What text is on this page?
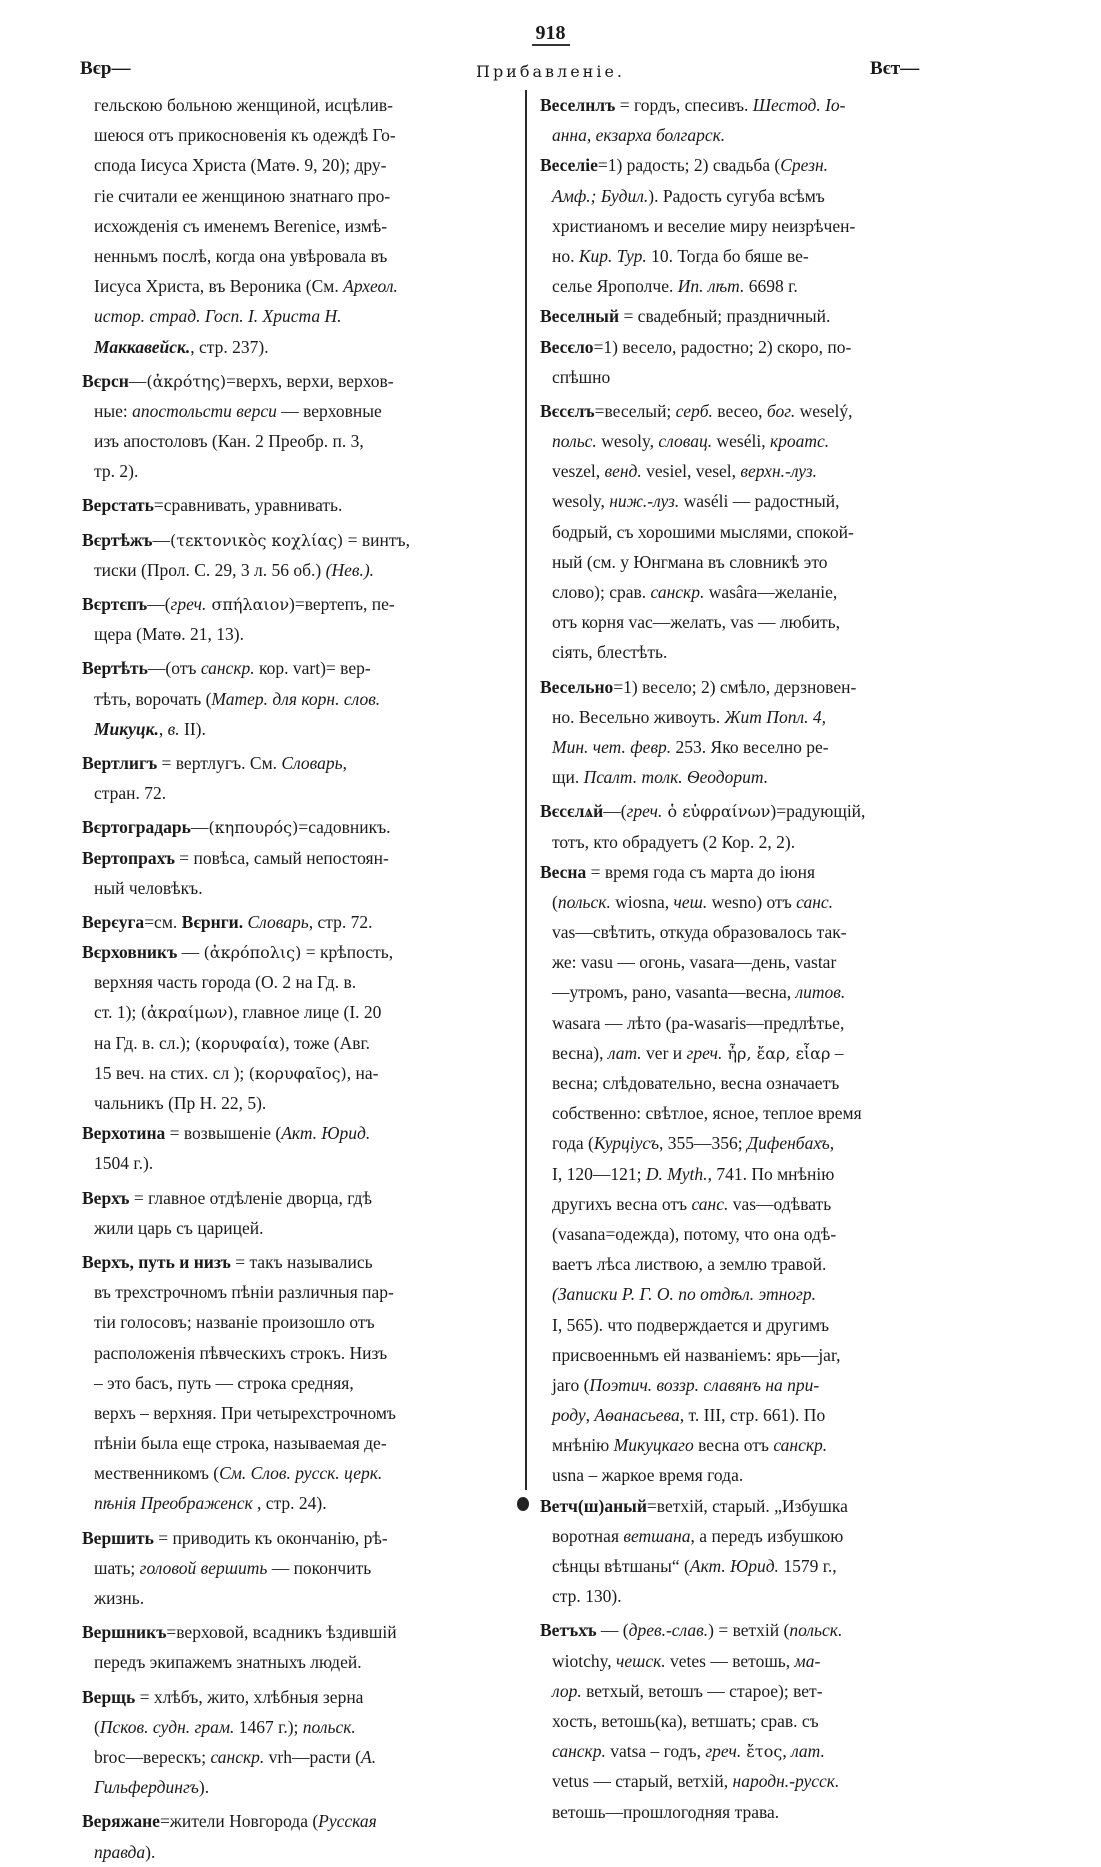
918
Вєр—	Прибавленіе.	Вєт—
гельскою больною женщиной, исцѣлив-
шеюся отъ прикосновенія къ одеждѣ Го-
спода Іисуса Христа (Матѳ. 9, 20); дру-
гіе считали ее женщиною знатнаго про-
исхожденія съ именемъ Berenice, измѣ-
ненньмъ послѣ, когда она увѣровала въ
Іисуса Христа, въ Вероника (См. Археол.
истор. страд. Госп. І. Христа Н.
Маккавейск., стр. 237).
Вєрсн—(ἀκρότης)=верхъ, верхи, верхов-
ные: апостольсти верси — верховные
изъ апостоловъ (Кан. 2 Преобр. п. 3,
тр. 2).
Верстать=сравнивать, уравнивать.
Вєртѣжъ—(τεκτονικὸς κοχλίας) = винтъ,
тиски (Прол. С. 29, 3 л. 56 об.) (Нев.).
Вєртєпъ—(греч. σπήλαιον)=вертепъ, пе-
щера (Матѳ. 21, 13).
Вертѣть—(отъ санскр. кор. vart)= вер-
тѣть, ворочать (Матер. для корн. слов.
Микуцк., в. II).
Вертлигъ = вертлугъ. См. Словарь,
стран. 72.
Вєртоградарь—(κηπουρός)=садовникъ.
Вертопрахъ = повѣса, самый непостоян-
ный человѣкъ.
Верєуга=см. Вєрнги. Словарь, стр. 72.
Вєрховникъ — (ἀκρόπολις) = крѣпость,
верхняя часть города (О. 2 на Гд. в.
ст. 1); (ἀκραίμων), главное лице (І. 20
на Гд. в. сл.); (κορυφαία), тоже (Авг.
15 веч. на стих. сл ); (κορυφαῖος), на-
чальникъ (Пр Н. 22, 5).
Верхотина = возвышеніе (Акт. Юрид.
1504 г.).
Верхъ = главное отдѣленіе дворца, гдѣ
жили царь съ царицей.
Верхъ, путь и низъ = такъ назывались
въ трехстрочномъ пѣніи различныя пар-
тіи голосовъ; названіе произошло отъ
расположенія пѣвческихъ строкъ. Низъ
– это басъ, путь — строка средняя,
верхъ – верхняя. При четырехстрочномъ
пѣніи была еще строка, называемая де-
мественникомъ (См. Слов. русск. церк.
пѣнія Преображенск , стр. 24).
Вершить = приводить къ окончанію, рѣ-
шать; головой вершить — покончить
жизнь.
Вершникъ=верховой, всадникъ ѣздившій
передъ экипажемъ знатныхъ людей.
Верщь = хлѣбъ, жито, хлѣбныя зерна
(Псков. судн. грам. 1467 г.); польск.
brос—верескъ; санскр. vrh—расти (А.
Гильфердингъ).
Веряжане=жители Новгорода (Русская
правда).
Веселнлъ = гордъ, спесивъ. Шестод. Іо-
анна, екзарха болгарск.
Веселіе=1) радость; 2) свадьба (Срезн.
Амф.; Будил.). Радость сугуба всѣмъ
христианомъ и веселие миру неизрѣчен-
но. Кир. Тур. 10. Тогда бо бяше ве-
селье Ярополче. Ип. лѣт. 6698 г.
Веселный = свадебный; праздничный.
Весєло=1) весело, радостно; 2) скоро, по-
спѣшно
Вєсєлъ=веселый; серб. весео, бог. weselý,
польс. wesoly, словац. weséli, кроатс.
veszel, венд. vesiel, vesel, верхн.-луз.
wesoly, ниж.-луз. waséli — радостный,
бодрый, съ хорошими мыслями, спокой-
ный (см. у Юнгмана въ словникѣ это
слово); срав. санскр. wasâra—желаніе,
отъ корня vac—желать, vas — любить,
сіять, блестѣть.
Весельно=1) весело; 2) смѣло, дерзновен-
но. Весельно живоуть. Жит Попл. 4,
Мин. чет. февр. 253. Яко веселно ре-
щи. Псалт. толк. Ѳеодорит.
Вєсєлѧй—(греч. ὁ εὐφραίνων)=радующій,
тотъ, кто обрадуетъ (2 Кор. 2, 2).
Весна = время года съ марта до іюня
(польск. wiosna, чеш. wesno) отъ санс.
vas—свѣтить, откуда образовалось так-
же: vasu — огонь, vasara—день, vastar
—утромъ, рано, vasanta—весна, литов.
wasara — лѣто (pa-wasaris—предлѣтье,
весна), лат. ver и греч. ἦρ, ἔαρ, εἶαρ –
весна; слѣдовательно, весна означаетъ
собственно: свѣтлое, ясное, теплое время
года (Курціусъ, 355—356; Дифенбахъ,
I, 120—121; D. Myth., 741. По мнѣнію
другихъ весна отъ санс. vas—одѣвать
(vasana=одежда), потому, что она одѣ-
ваетъ лѣса листвою, а землю травой.
(Записки Р. Г. О. по отдѣл. этногр.
I, 565). что подверждается и другимъ
присвоенньмъ ей названіемъ: ярь—jar,
jaro (Поэтич. воззр. славянъ на при-
роду, Аѳанасьева, т. III, стр. 661). По
мнѣнію Микуцкаго весна отъ санскр.
usna – жаркое время года.
Ветч(ш)аный=ветхій, старый. „Избушка
воротная ветшана, а передъ избушкою
сѣнцы вѣтшаны“ (Акт. Юрид. 1579 г.,
стр. 130).
Ветъхъ — (древ.-слав.) = ветхій (польск.
wiotchy, чешск. vetes — ветошь, ма-
лор. ветхый, ветошъ — старое); вет-
хость, ветошь(ка), ветшать; срав. съ
санскр. vatsa – годъ, греч. ἔτος, лат.
vetus — старый, ветхій, народн.-русск.
ветошь—прошлогодняя трава.
